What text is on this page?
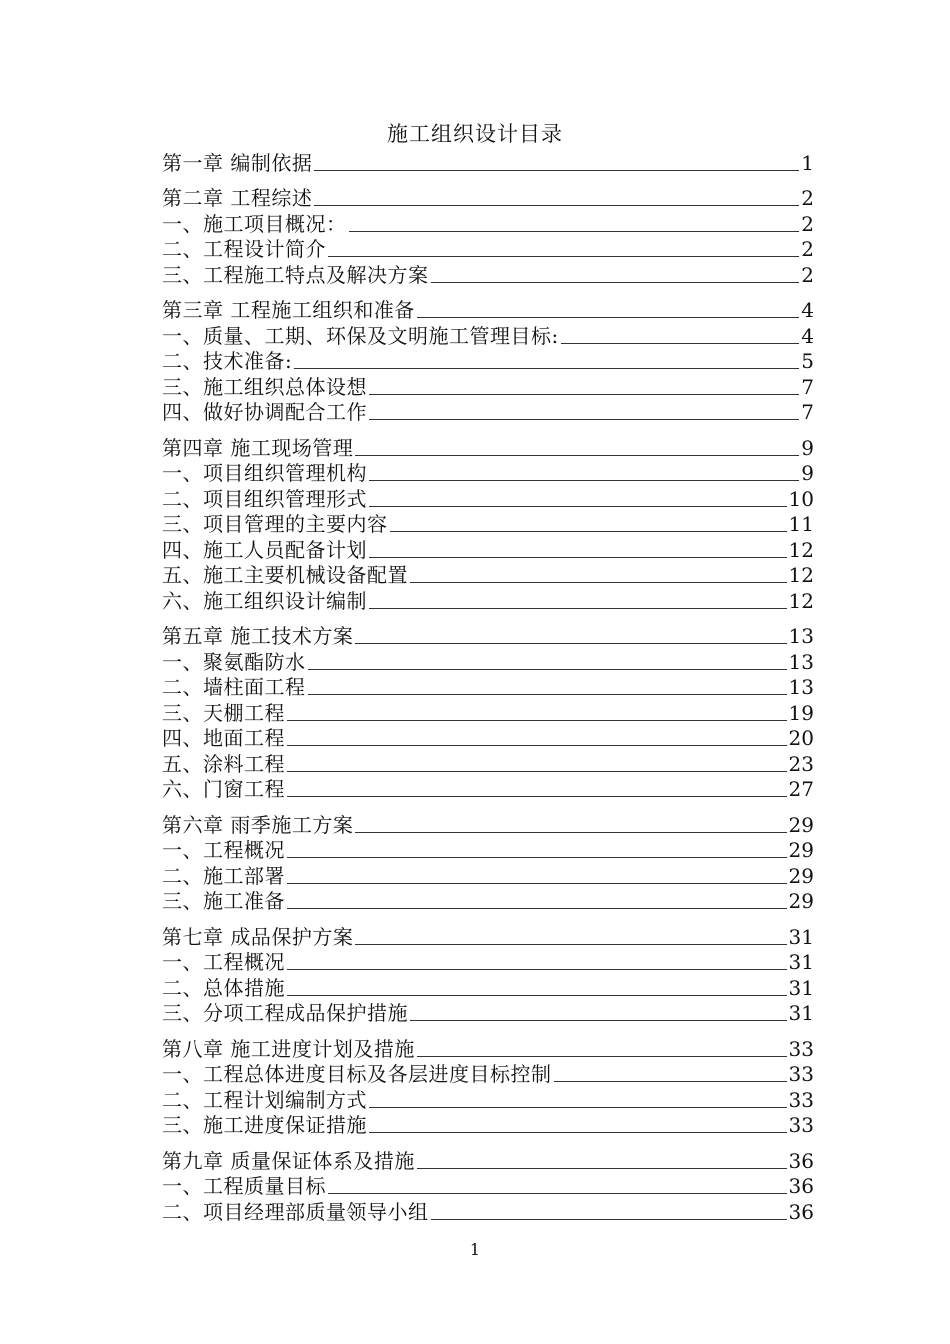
施工组织设计目录
第一章 编制依据	1
第二章 工程综述	2
一、施工项目概况：	2
二、工程设计简介	2
三、工程施工特点及解决方案	2
第三章 工程施工组织和准备	4
一、质量、工期、环保及文明施工管理目标:	4
二、技术准备:	5
三、施工组织总体设想	7
四、做好协调配合工作	7
第四章 施工现场管理	9
一、项目组织管理机构	9
二、项目组织管理形式	10
三、项目管理的主要内容	11
四、施工人员配备计划	12
五、施工主要机械设备配置	12
六、施工组织设计编制	12
第五章 施工技术方案	13
一、聚氨酯防水	13
二、墙柱面工程	13
三、天棚工程	19
四、地面工程	20
五、涂料工程	23
六、门窗工程	27
第六章 雨季施工方案	29
一、工程概况	29
二、施工部署	29
三、施工准备	29
第七章 成品保护方案	31
一、工程概况	31
二、总体措施	31
三、分项工程成品保护措施	31
第八章 施工进度计划及措施	33
一、工程总体进度目标及各层进度目标控制	33
二、工程计划编制方式	33
三、施工进度保证措施	33
第九章 质量保证体系及措施	36
一、工程质量目标	36
二、项目经理部质量领导小组	36
1
